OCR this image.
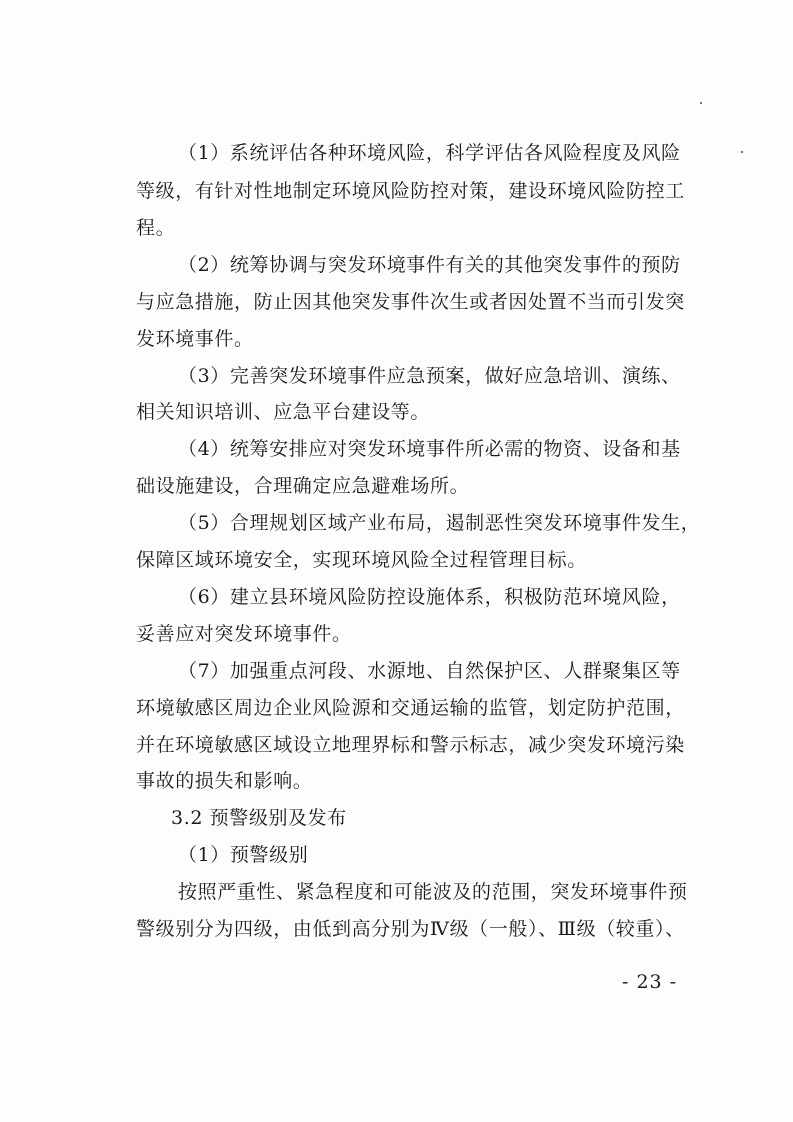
（1）系统评估各种环境风险，科学评估各风险程度及风险
等级，有针对性地制定环境风险防控对策，建设环境风险防控工
程。
（2）统筹协调与突发环境事件有关的其他突发事件的预防
与应急措施，防止因其他突发事件次生或者因处置不当而引发突
发环境事件。
（3）完善突发环境事件应急预案，做好应急培训、演练、
相关知识培训、应急平台建设等。
（4）统筹安排应对突发环境事件所必需的物资、设备和基
础设施建设，合理确定应急避难场所。
（5）合理规划区域产业布局，遏制恶性突发环境事件发生，
保障区域环境安全，实现环境风险全过程管理目标。
（6）建立县环境风险防控设施体系，积极防范环境风险，
妥善应对突发环境事件。
（7）加强重点河段、水源地、自然保护区、人群聚集区等
环境敏感区周边企业风险源和交通运输的监管，划定防护范围，
并在环境敏感区域设立地理界标和警示标志，减少突发环境污染
事故的损失和影响。
3.2 预警级别及发布
（1）预警级别
按照严重性、紧急程度和可能波及的范围，突发环境事件预
警级别分为四级，由低到高分别为Ⅳ级（一般）、Ⅲ级（较重）、
- 23 -
